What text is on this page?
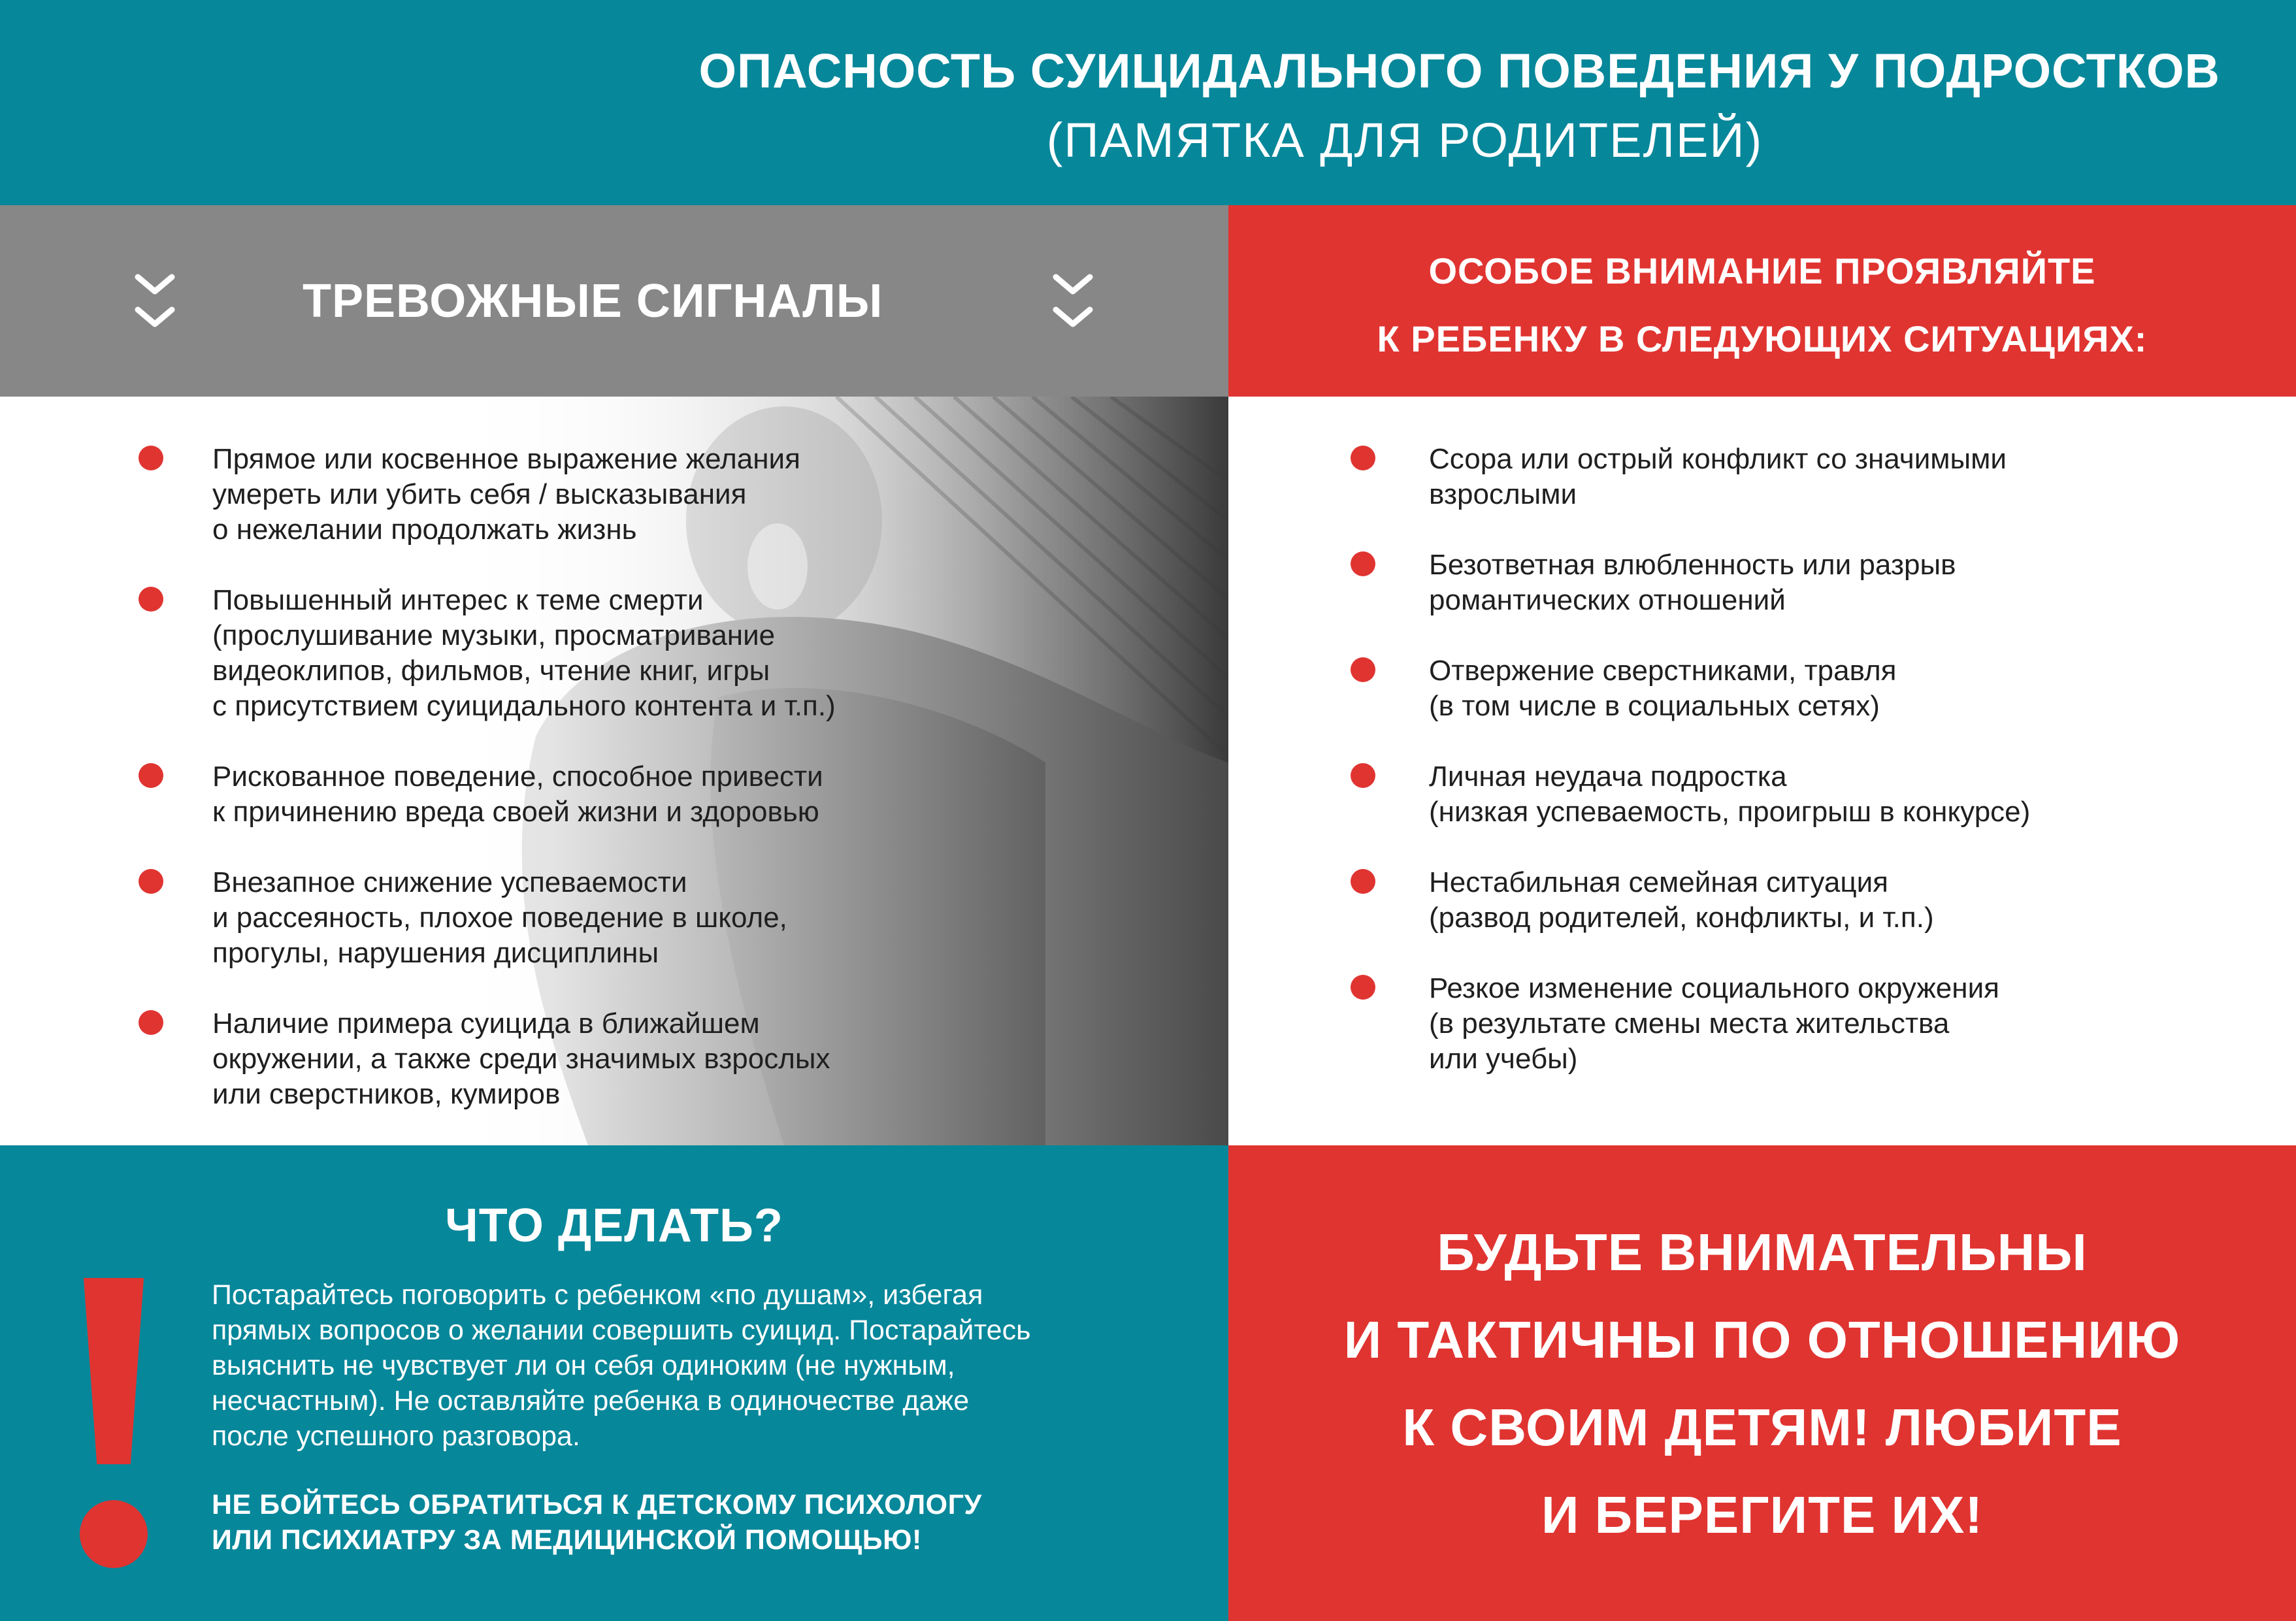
ОПАСНОСТЬ СУИЦИДАЛЬНОГО ПОВЕДЕНИЯ У ПОДРОСТКОВ
(ПАМЯТКА ДЛЯ РОДИТЕЛЕЙ)
ТРЕВОЖНЫЕ СИГНАЛЫ
ОСОБОЕ ВНИМАНИЕ ПРОЯВЛЯЙТЕ
К РЕБЕНКУ В СЛЕДУЮЩИХ СИТУАЦИЯХ:
Прямое или косвенное выражение желания
умереть или убить себя / высказывания
о нежелании продолжать жизнь
Повышенный интерес к теме смерти
(прослушивание музыки, просматривание
видеоклипов, фильмов, чтение книг, игры
с присутствием суицидального контента и т.п.)
Рискованное поведение, способное привести
к причинению вреда своей жизни и здоровью
Внезапное снижение успеваемости
и рассеяность, плохое поведение в школе,
прогулы, нарушения дисциплины
Наличие примера суицида в ближайшем
окружении, а также среди значимых взрослых
или сверстников, кумиров
Ссора или острый конфликт со значимыми
взрослыми
Безответная влюбленность или разрыв
романтических отношений
Отвержение сверстниками, травля
(в том числе в социальных сетях)
Личная неудача подростка
(низкая успеваемость, проигрыш в конкурсе)
Нестабильная семейная ситуация
(развод родителей, конфликты, и т.п.)
Резкое изменение социального окружения
(в результате смены места жительства
или учебы)
ЧТО ДЕЛАТЬ?
Постарайтесь поговорить с ребенком «по душам», избегая
прямых вопросов о желании совершить суицид. Постарайтесь
выяснить не чувствует ли он себя одиноким (не нужным,
несчастным). Не оставляйте ребенка в одиночестве даже
после успешного разговора.
НЕ БОЙТЕСЬ ОБРАТИТЬСЯ К ДЕТСКОМУ ПСИХОЛОГУ
ИЛИ ПСИХИАТРУ ЗА МЕДИЦИНСКОЙ ПОМОЩЬЮ!
БУДЬТЕ ВНИМАТЕЛЬНЫ
И ТАКТИЧНЫ ПО ОТНОШЕНИЮ
К СВОИМ ДЕТЯМ! ЛЮБИТЕ
И БЕРЕГИТЕ ИХ!
